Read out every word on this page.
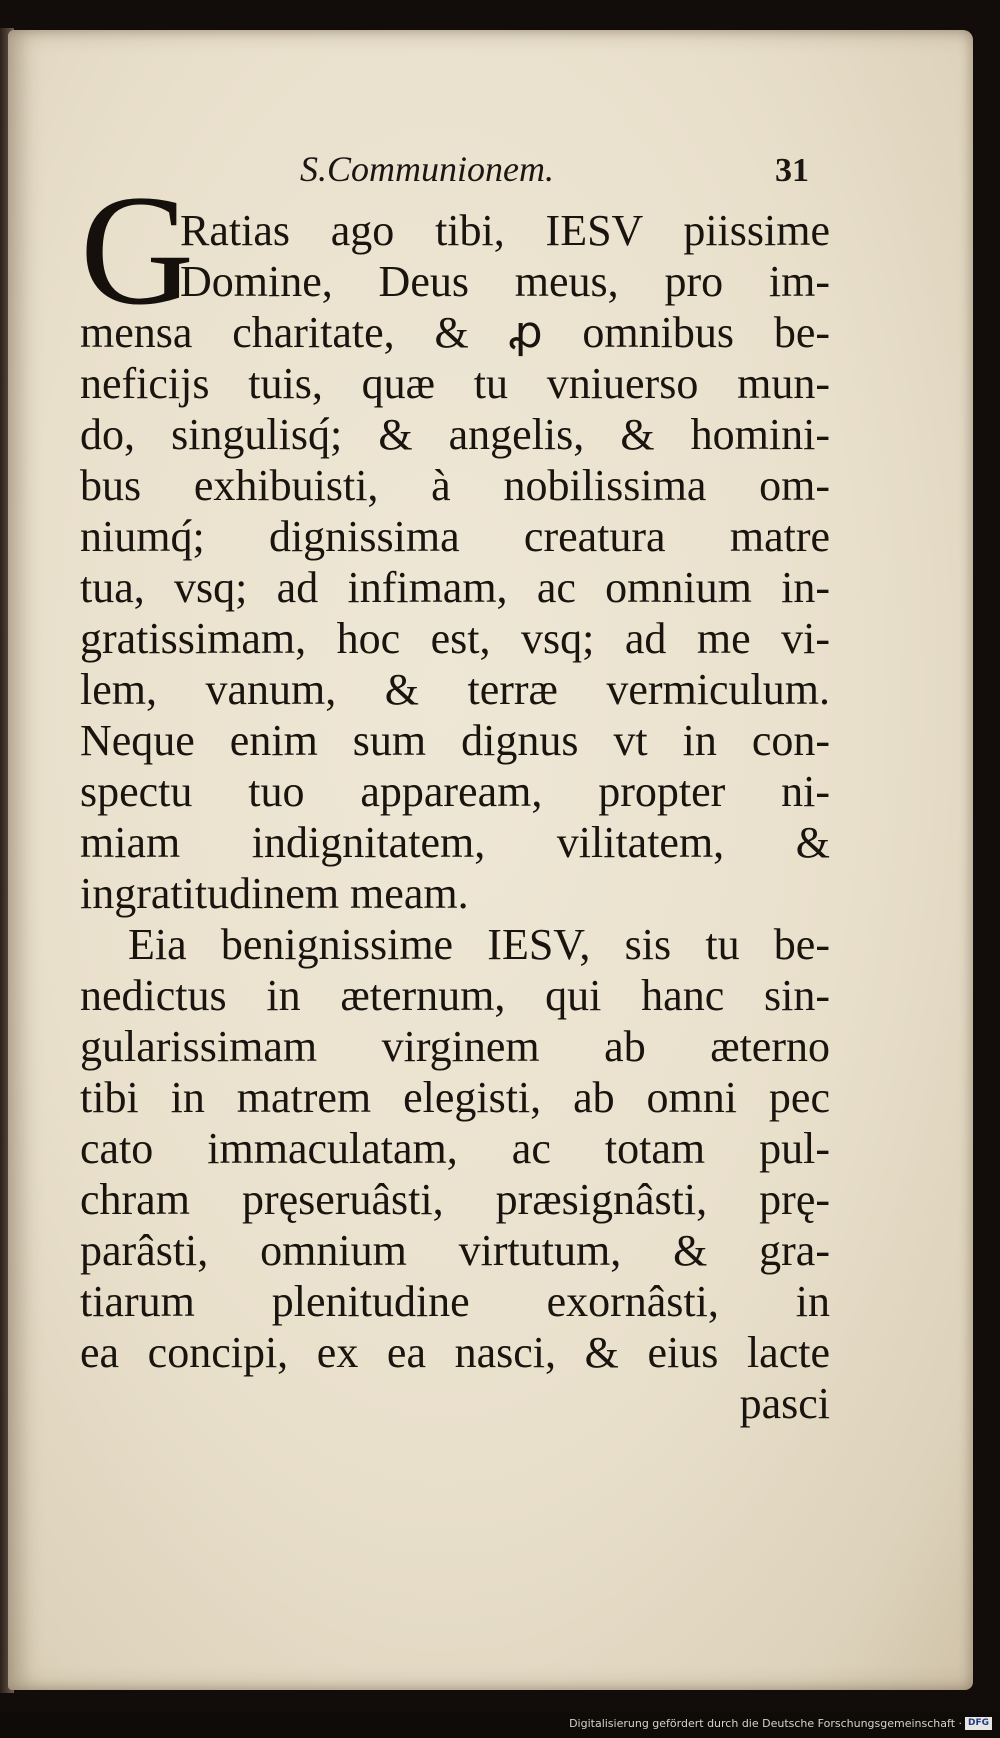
S.Communionem.	31
G
Ratias ago tibi, IESV piissime
Domine, Deus meus, pro im-
mensa charitate, & ꝓ omnibus be-
neficijs tuis, quæ tu vniuerso mun-
do, singulisq́; & angelis, & homini-
bus exhibuisti, à nobilissima om-
niumq́; dignissima creatura matre
tua, vsq; ad infimam, ac omnium in-
gratissimam, hoc est, vsq; ad me vi-
lem, vanum, & terræ vermiculum.
Neque enim sum dignus vt in con-
spectu tuo appaream, propter ni-
miam indignitatem, vilitatem, &
ingratitudinem meam.
Eia benignissime IESV, sis tu be-
nedictus in æternum, qui hanc sin-
gularissimam virginem ab æterno
tibi in matrem elegisti, ab omni pec
cato immaculatam, ac totam pul-
chram pręseruâsti, præsignâsti, prę-
parâsti, omnium virtutum, & gra-
tiarum plenitudine exornâsti, in
ea concipi, ex ea nasci, & eius lacte
pasci
Digitalisierung gefördert durch die Deutsche Forschungsgemeinschaft · DFG
